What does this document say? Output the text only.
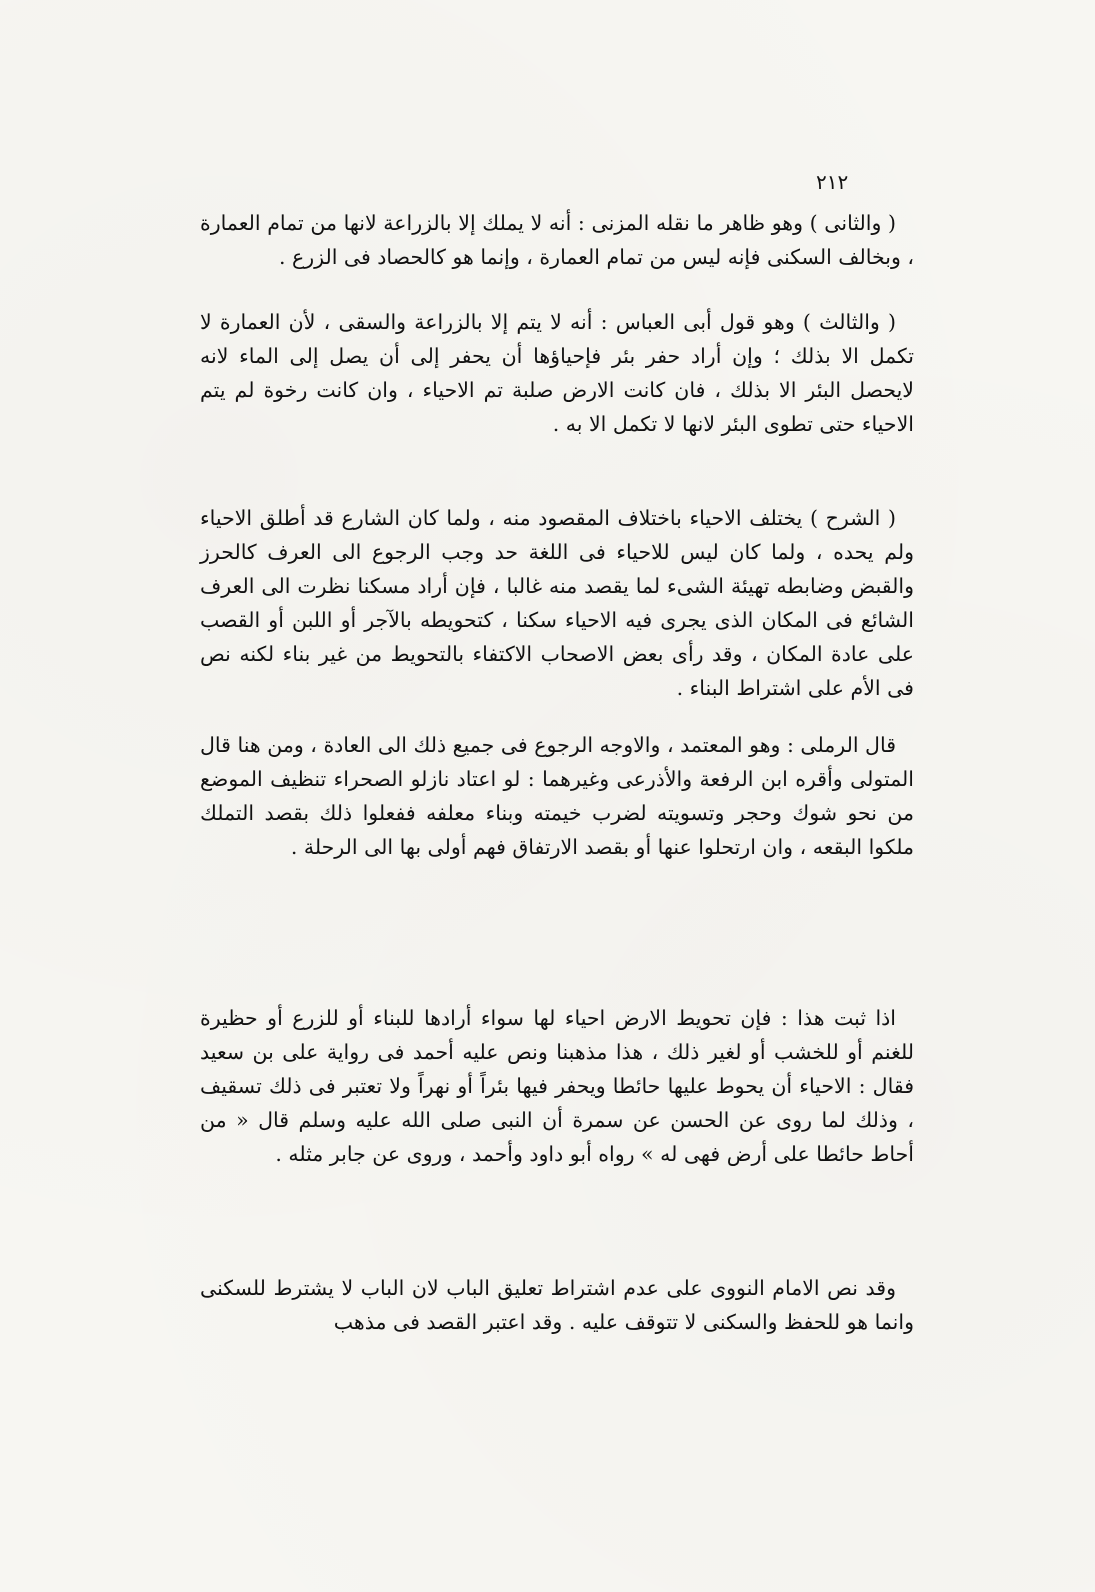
٢١٢

( والثانى ) وهو ظاهر ما نقله المزنى : أنه لا يملك إلا بالزراعة لانها من تمام العمارة ، وبخالف السكنى فإنه ليس من تمام العمارة ، وإنما هو كالحصاد فى الزرع .

( والثالث ) وهو قول أبى العباس : أنه لا يتم إلا بالزراعة والسقى ، لأن العمارة لا تكمل الا بذلك ؛ وإن أراد حفر بئر فإحياؤها أن يحفر إلى أن يصل إلى الماء لانه لايحصل البئر الا بذلك ، فان كانت الارض صلبة تم الاحياء ، وان كانت رخوة لم يتم الاحياء حتى تطوى البئر لانها لا تكمل الا به .

( الشرح ) يختلف الاحياء باختلاف المقصود منه ، ولما كان الشارع قد أطلق الاحياء ولم يحده ، ولما كان ليس للاحياء فى اللغة حد وجب الرجوع الى العرف كالحرز والقبض وضابطه تهيئة الشىء لما يقصد منه غالبا ، فإن أراد مسكنا نظرت الى العرف الشائع فى المكان الذى يجرى فيه الاحياء سكنا ، كتحويطه بالآجر أو اللبن أو القصب على عادة المكان ، وقد رأى بعض الاصحاب الاكتفاء بالتحويط من غير بناء لكنه نص فى الأم على اشتراط البناء .

قال الرملى : وهو المعتمد ، والاوجه الرجوع فى جميع ذلك الى العادة ، ومن هنا قال المتولى وأقره ابن الرفعة والأذرعى وغيرهما : لو اعتاد نازلو الصحراء تنظيف الموضع من نحو شوك وحجر وتسويته لضرب خيمته وبناء معلفه ففعلوا ذلك بقصد التملك ملكوا البقعه ، وان ارتحلوا عنها أو بقصد الارتفاق فهم أولى بها الى الرحلة .

اذا ثبت هذا : فإن تحويط الارض احياء لها سواء أرادها للبناء أو للزرع أو حظيرة للغنم أو للخشب أو لغير ذلك ، هذا مذهبنا ونص عليه أحمد فى رواية على بن سعيد فقال : الاحياء أن يحوط عليها حائطا ويحفر فيها بئراً أو نهراً ولا تعتبر فى ذلك تسقيف ، وذلك لما روى عن الحسن عن سمرة أن النبى صلى الله عليه وسلم قال « من أحاط حائطا على أرض فهى له » رواه أبو داود وأحمد ، وروى عن جابر مثله .

وقد نص الامام النووى على عدم اشتراط تعليق الباب لان الباب لا يشترط للسكنى وانما هو للحفظ والسكنى لا تتوقف عليه . وقد اعتبر القصد فى مذهب
